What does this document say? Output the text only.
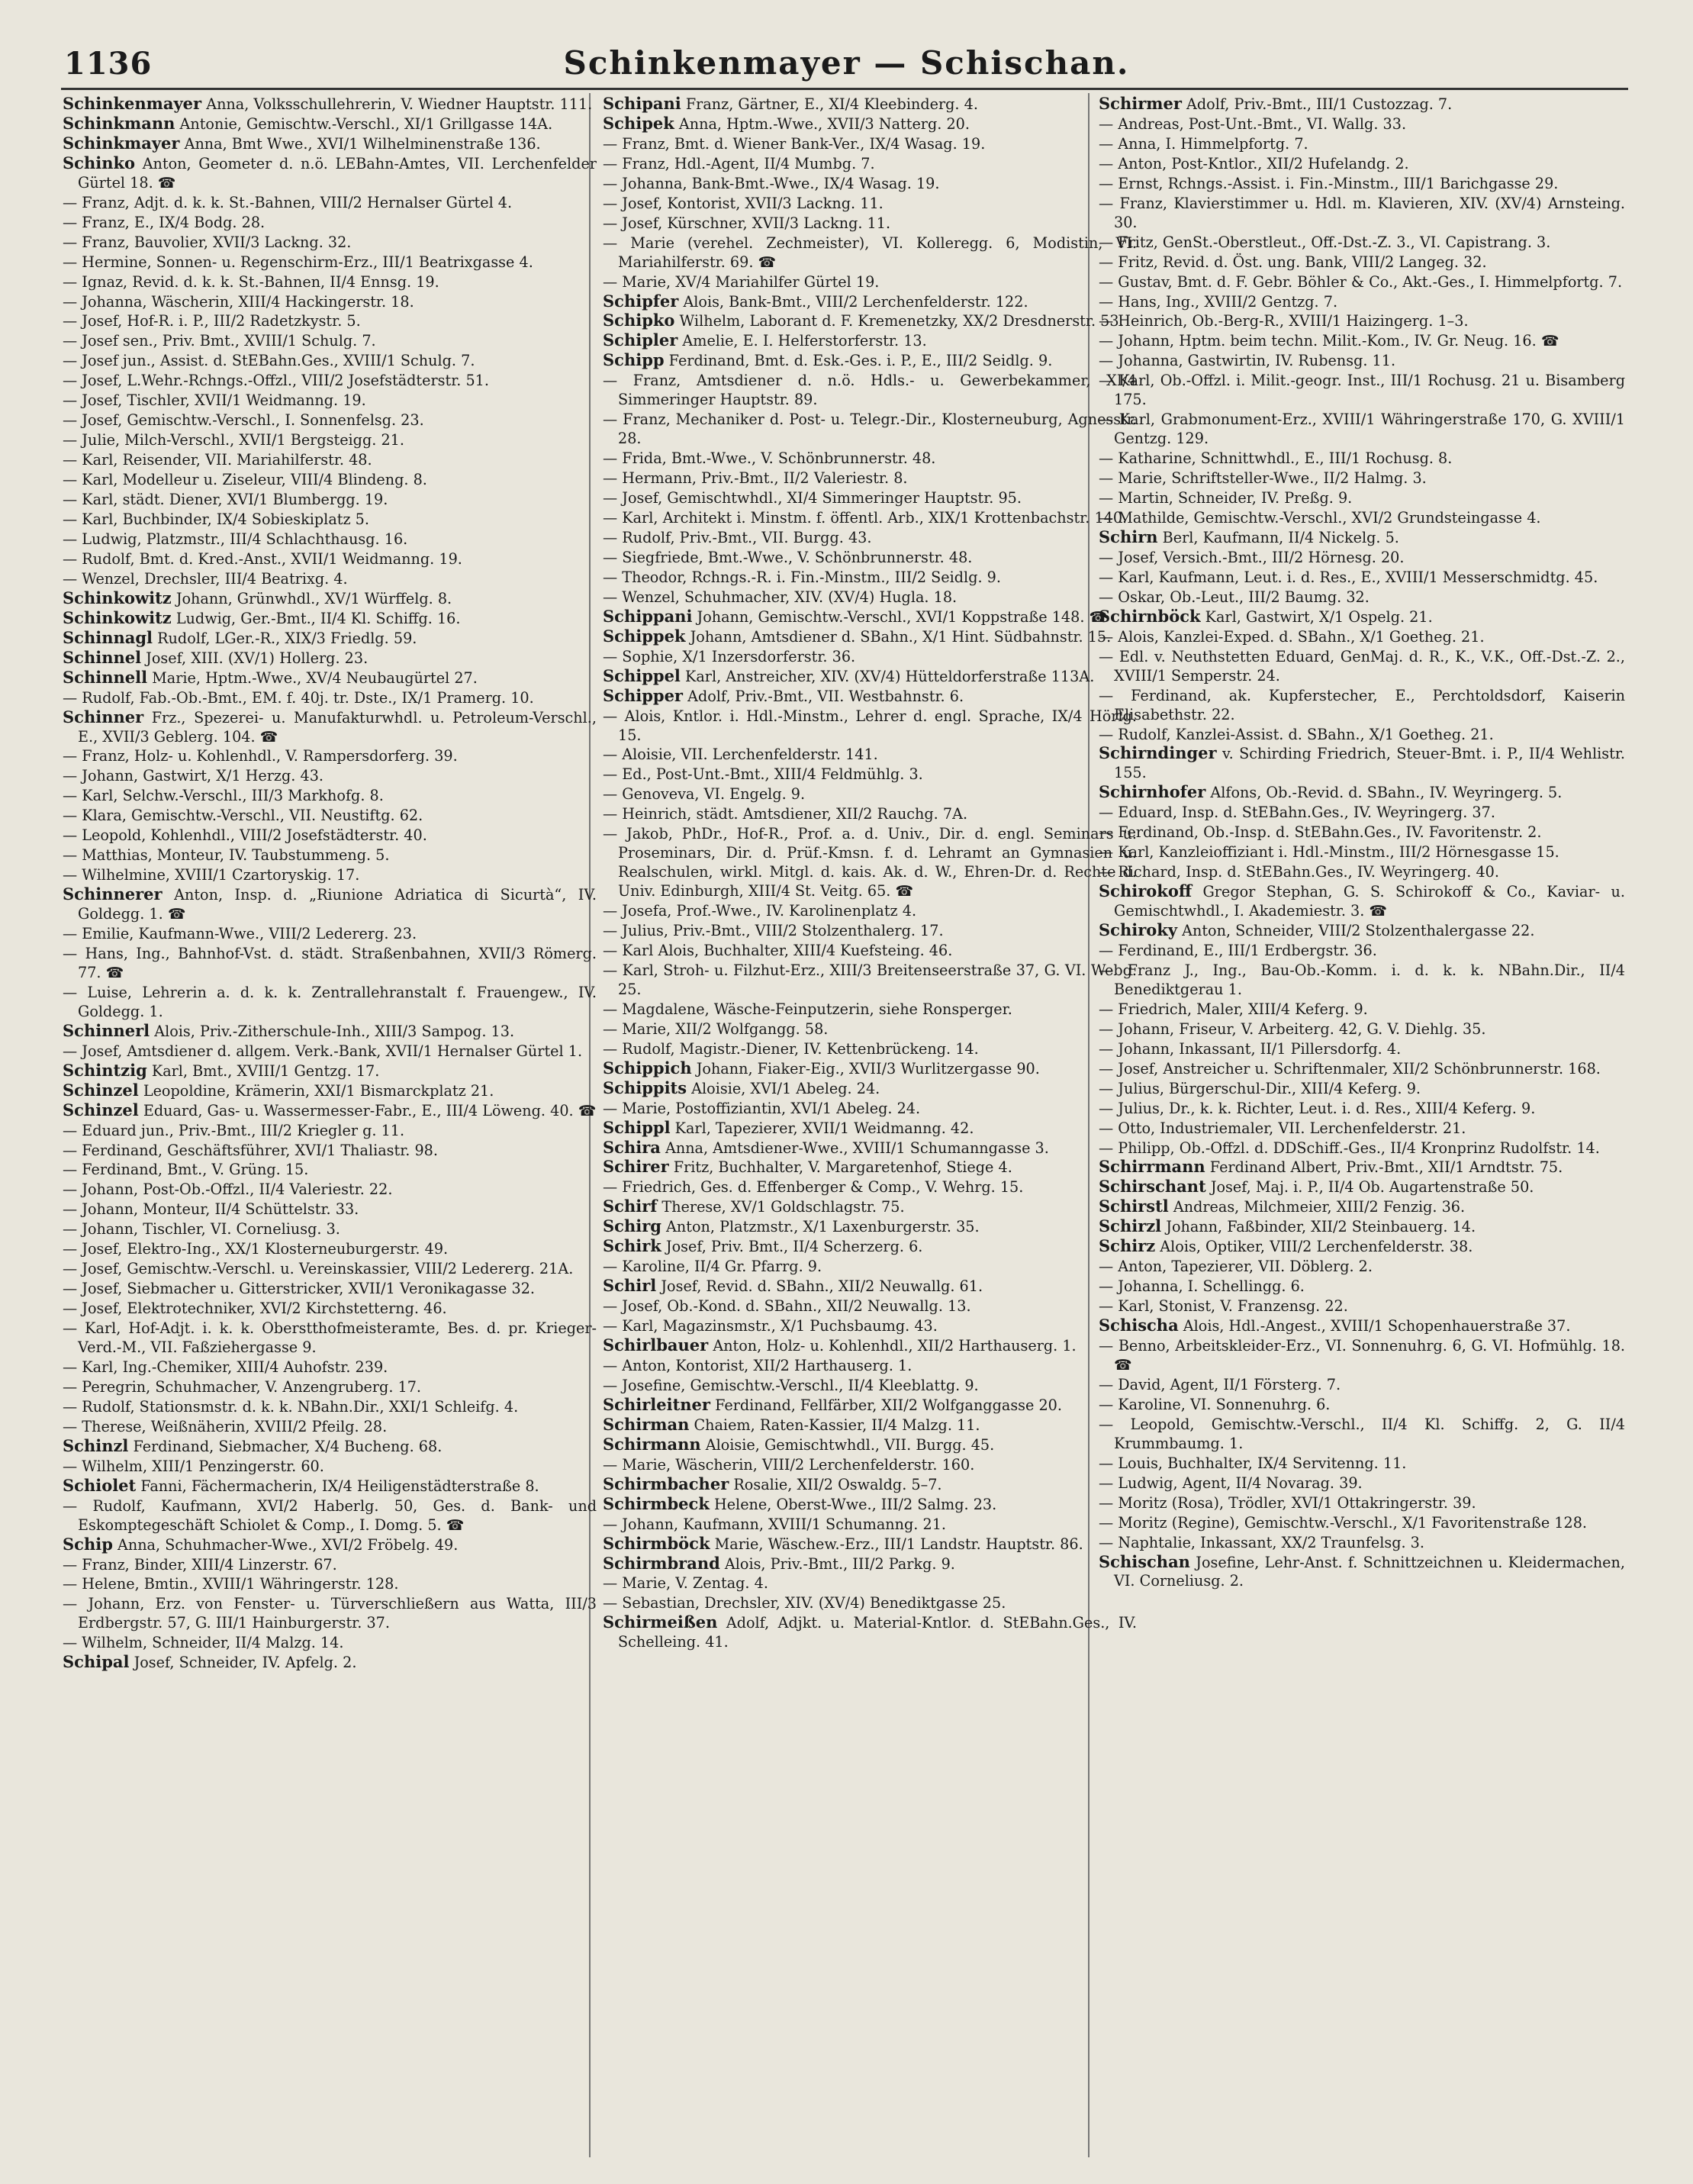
1136	Schinkenmayer — Schischan.

Schinkenmayer Anna, Volksschullehrerin, V. Wiedner Hauptstr. 111.

Schinkmann Antonie, Gemischtw.-Verschl., XI/1 Grillgasse 14A.

Schinkmayer Anna, Bmt Wwe., XVI/1 Wilhelminenstraße 136.

Schinko Anton, Geometer d. n.ö. LEBahn-Amtes, VII. Lerchenfelder Gürtel 18. ☎

— Franz, Adjt. d. k. k. St.-Bahnen, VIII/2 Hernalser Gürtel 4.

— Franz, E., IX/4 Bodg. 28.

— Franz, Bauvolier, XVII/3 Lackng. 32.

— Hermine, Sonnen- u. Regenschirm-Erz., III/1 Beatrixgasse 4.

— Ignaz, Revid. d. k. k. St.-Bahnen, II/4 Ennsg. 19.

— Johanna, Wäscherin, XIII/4 Hackingerstr. 18.

— Josef, Hof-R. i. P., III/2 Radetzkystr. 5.

— Josef sen., Priv. Bmt., XVIII/1 Schulg. 7.

— Josef jun., Assist. d. StEBahn.Ges., XVIII/1 Schulg. 7.

— Josef, L.Wehr.-Rchngs.-Offzl., VIII/2 Josefstädterstr. 51.

— Josef, Tischler, XVII/1 Weidmanng. 19.

— Josef, Gemischtw.-Verschl., I. Sonnenfelsg. 23.

— Julie, Milch-Verschl., XVII/1 Bergsteigg. 21.

— Karl, Reisender, VII. Mariahilferstr. 48.

— Karl, Modelleur u. Ziseleur, VIII/4 Blindeng. 8.

— Karl, städt. Diener, XVI/1 Blumbergg. 19.

— Karl, Buchbinder, IX/4 Sobieskiplatz 5.

— Ludwig, Platzmstr., III/4 Schlachthausg. 16.

— Rudolf, Bmt. d. Kred.-Anst., XVII/1 Weidmanng. 19.

— Wenzel, Drechsler, III/4 Beatrixg. 4.

Schinkowitz Johann, Grünwhdl., XV/1 Würffelg. 8.

Schinkowitz Ludwig, Ger.-Bmt., II/4 Kl. Schiffg. 16.

Schinnagl Rudolf, LGer.-R., XIX/3 Friedlg. 59.

Schinnel Josef, XIII. (XV/1) Hollerg. 23.

Schinnell Marie, Hptm.-Wwe., XV/4 Neubaugürtel 27.

— Rudolf, Fab.-Ob.-Bmt., EM. f. 40j. tr. Dste., IX/1 Pramerg. 10.

Schinner Frz., Spezerei- u. Manufakturwhdl. u. Petroleum-Verschl., E., XVII/3 Geblerg. 104. ☎

— Franz, Holz- u. Kohlenhdl., V. Rampersdorferg. 39.

— Johann, Gastwirt, X/1 Herzg. 43.

— Karl, Selchw.-Verschl., III/3 Markhofg. 8.

— Klara, Gemischtw.-Verschl., VII. Neustiftg. 62.

— Leopold, Kohlenhdl., VIII/2 Josefstädterstr. 40.

— Matthias, Monteur, IV. Taubstummeng. 5.

— Wilhelmine, XVIII/1 Czartoryskig. 17.

Schinnerer Anton, Insp. d. „Riunione Adriatica di Sicurtà“, IV. Goldegg. 1. ☎

— Emilie, Kaufmann-Wwe., VIII/2 Ledererg. 23.

— Hans, Ing., Bahnhof-Vst. d. städt. Straßenbahnen, XVII/3 Römerg. 77. ☎

— Luise, Lehrerin a. d. k. k. Zentrallehranstalt f. Frauengew., IV. Goldegg. 1.

Schinnerl Alois, Priv.-Zitherschule-Inh., XIII/3 Sampog. 13.

— Josef, Amtsdiener d. allgem. Verk.-Bank, XVII/1 Hernalser Gürtel 1.

Schintzig Karl, Bmt., XVIII/1 Gentzg. 17.

Schinzel Leopoldine, Krämerin, XXI/1 Bismarckplatz 21.

Schinzel Eduard, Gas- u. Wassermesser-Fabr., E., III/4 Löweng. 40. ☎

— Eduard jun., Priv.-Bmt., III/2 Kriegler g. 11.

— Ferdinand, Geschäftsführer, XVI/1 Thaliastr. 98.

— Ferdinand, Bmt., V. Grüng. 15.

— Johann, Post-Ob.-Offzl., II/4 Valeriestr. 22.

— Johann, Monteur, II/4 Schüttelstr. 33.

— Johann, Tischler, VI. Corneliusg. 3.

— Josef, Elektro-Ing., XX/1 Klosterneuburgerstr. 49.

— Josef, Gemischtw.-Verschl. u. Vereinskassier, VIII/2 Ledererg. 21A.

— Josef, Siebmacher u. Gitterstricker, XVII/1 Veronikagasse 32.

— Josef, Elektrotechniker, XVI/2 Kirchstetterng. 46.

— Karl, Hof-Adjt. i. k. k. Oberstthofmeisteramte, Bes. d. pr. Krieger-Verd.-M., VII. Faßziehergasse 9.

— Karl, Ing.-Chemiker, XIII/4 Auhofstr. 239.

— Peregrin, Schuhmacher, V. Anzengruberg. 17.

— Rudolf, Stationsmstr. d. k. k. NBahn.Dir., XXI/1 Schleifg. 4.

— Therese, Weißnäherin, XVIII/2 Pfeilg. 28.

Schinzl Ferdinand, Siebmacher, X/4 Bucheng. 68.

— Wilhelm, XIII/1 Penzingerstr. 60.

Schiolet Fanni, Fächermacherin, IX/4 Heiligenstädterstraße 8.

— Rudolf, Kaufmann, XVI/2 Haberlg. 50, Ges. d. Bank- und Eskomptegeschäft Schiolet & Comp., I. Domg. 5. ☎

Schip Anna, Schuhmacher-Wwe., XVI/2 Fröbelg. 49.

— Franz, Binder, XIII/4 Linzerstr. 67.

— Helene, Bmtin., XVIII/1 Währingerstr. 128.

— Johann, Erz. von Fenster- u. Türverschließern aus Watta, III/3 Erdbergstr. 57, G. III/1 Hainburgerstr. 37.

— Wilhelm, Schneider, II/4 Malzg. 14.

Schipal Josef, Schneider, IV. Apfelg. 2.

Schipani Franz, Gärtner, E., XI/4 Kleebinderg. 4.

Schipek Anna, Hptm.-Wwe., XVII/3 Natterg. 20.

— Franz, Bmt. d. Wiener Bank-Ver., IX/4 Wasag. 19.

— Franz, Hdl.-Agent, II/4 Mumbg. 7.

— Johanna, Bank-Bmt.-Wwe., IX/4 Wasag. 19.

— Josef, Kontorist, XVII/3 Lackng. 11.

— Josef, Kürschner, XVII/3 Lackng. 11.

— Marie (verehel. Zechmeister), VI. Kolleregg. 6, Modistin, VI. Mariahilferstr. 69. ☎

— Marie, XV/4 Mariahilfer Gürtel 19.

Schipfer Alois, Bank-Bmt., VIII/2 Lerchenfelderstr. 122.

Schipko Wilhelm, Laborant d. F. Kremenetzky, XX/2 Dresdnerstr. 53.

Schipler Amelie, E. I. Helferstorferstr. 13.

Schipp Ferdinand, Bmt. d. Esk.-Ges. i. P., E., III/2 Seidlg. 9.

— Franz, Amtsdiener d. n.ö. Hdls.- u. Gewerbekammer, XI/4 Simmeringer Hauptstr. 89.

— Franz, Mechaniker d. Post- u. Telegr.-Dir., Klosterneuburg, Agnesstr. 28.

— Frida, Bmt.-Wwe., V. Schönbrunnerstr. 48.

— Hermann, Priv.-Bmt., II/2 Valeriestr. 8.

— Josef, Gemischtwhdl., XI/4 Simmeringer Hauptstr. 95.

— Karl, Architekt i. Minstm. f. öffentl. Arb., XIX/1 Krottenbachstr. 140.

— Rudolf, Priv.-Bmt., VII. Burgg. 43.

— Siegfriede, Bmt.-Wwe., V. Schönbrunnerstr. 48.

— Theodor, Rchngs.-R. i. Fin.-Minstm., III/2 Seidlg. 9.

— Wenzel, Schuhmacher, XIV. (XV/4) Hugla. 18.

Schippani Johann, Gemischtw.-Verschl., XVI/1 Koppstraße 148. ☎

Schippek Johann, Amtsdiener d. SBahn., X/1 Hint. Südbahnstr. 15.

— Sophie, X/1 Inzersdorferstr. 36.

Schippel Karl, Anstreicher, XIV. (XV/4) Hütteldorferstraße 113A.

Schipper Adolf, Priv.-Bmt., VII. Westbahnstr. 6.

— Alois, Kntlor. i. Hdl.-Minstm., Lehrer d. engl. Sprache, IX/4 Hörlg. 15.

— Aloisie, VII. Lerchenfelderstr. 141.

— Ed., Post-Unt.-Bmt., XIII/4 Feldmühlg. 3.

— Genoveva, VI. Engelg. 9.

— Heinrich, städt. Amtsdiener, XII/2 Rauchg. 7A.

— Jakob, PhDr., Hof-R., Prof. a. d. Univ., Dir. d. engl. Seminars u. Proseminars, Dir. d. Prüf.-Kmsn. f. d. Lehramt an Gymnasien u. Realschulen, wirkl. Mitgl. d. kais. Ak. d. W., Ehren-Dr. d. Rechte d. Univ. Edinburgh, XIII/4 St. Veitg. 65. ☎

— Josefa, Prof.-Wwe., IV. Karolinenplatz 4.

— Julius, Priv.-Bmt., VIII/2 Stolzenthalerg. 17.

— Karl Alois, Buchhalter, XIII/4 Kuefsteing. 46.

— Karl, Stroh- u. Filzhut-Erz., XIII/3 Breitenseerstraße 37, G. VI. Webg. 25.

— Magdalene, Wäsche-Feinputzerin, siehe Ronsperger.

— Marie, XII/2 Wolfgangg. 58.

— Rudolf, Magistr.-Diener, IV. Kettenbrückeng. 14.

Schippich Johann, Fiaker-Eig., XVII/3 Wurlitzergasse 90.

Schippits Aloisie, XVI/1 Abeleg. 24.

— Marie, Postoffiziantin, XVI/1 Abeleg. 24.

Schippl Karl, Tapezierer, XVII/1 Weidmanng. 42.

Schira Anna, Amtsdiener-Wwe., XVIII/1 Schumanngasse 3.

Schirer Fritz, Buchhalter, V. Margaretenhof, Stiege 4.

— Friedrich, Ges. d. Effenberger & Comp., V. Wehrg. 15.

Schirf Therese, XV/1 Goldschlagstr. 75.

Schirg Anton, Platzmstr., X/1 Laxenburgerstr. 35.

Schirk Josef, Priv. Bmt., II/4 Scherzerg. 6.

— Karoline, II/4 Gr. Pfarrg. 9.

Schirl Josef, Revid. d. SBahn., XII/2 Neuwallg. 61.

— Josef, Ob.-Kond. d. SBahn., XII/2 Neuwallg. 13.

— Karl, Magazinsmstr., X/1 Puchsbaumg. 43.

Schirlbauer Anton, Holz- u. Kohlenhdl., XII/2 Harthauserg. 1.

— Anton, Kontorist, XII/2 Harthauserg. 1.

— Josefine, Gemischtw.-Verschl., II/4 Kleeblattg. 9.

Schirleitner Ferdinand, Fellfärber, XII/2 Wolfganggasse 20.

Schirman Chaiem, Raten-Kassier, II/4 Malzg. 11.

Schirmann Aloisie, Gemischtwhdl., VII. Burgg. 45.

— Marie, Wäscherin, VIII/2 Lerchenfelderstr. 160.

Schirmbacher Rosalie, XII/2 Oswaldg. 5–7.

Schirmbeck Helene, Oberst-Wwe., III/2 Salmg. 23.

— Johann, Kaufmann, XVIII/1 Schumanng. 21.

Schirmböck Marie, Wäschew.-Erz., III/1 Landstr. Hauptstr. 86.

Schirmbrand Alois, Priv.-Bmt., III/2 Parkg. 9.

— Marie, V. Zentag. 4.

— Sebastian, Drechsler, XIV. (XV/4) Benediktgasse 25.

Schirmeißen Adolf, Adjkt. u. Material-Kntlor. d. StEBahn.Ges., IV. Schelleing. 41.

Schirmer Adolf, Priv.-Bmt., III/1 Custozzag. 7.

— Andreas, Post-Unt.-Bmt., VI. Wallg. 33.

— Anna, I. Himmelpfortg. 7.

— Anton, Post-Kntlor., XII/2 Hufelandg. 2.

— Ernst, Rchngs.-Assist. i. Fin.-Minstm., III/1 Barichgasse 29.

— Franz, Klavierstimmer u. Hdl. m. Klavieren, XIV. (XV/4) Arnsteing. 30.

— Fritz, GenSt.-Oberstleut., Off.-Dst.-Z. 3., VI. Capistrang. 3.

— Fritz, Revid. d. Öst. ung. Bank, VIII/2 Langeg. 32.

— Gustav, Bmt. d. F. Gebr. Böhler & Co., Akt.-Ges., I. Himmelpfortg. 7.

— Hans, Ing., XVIII/2 Gentzg. 7.

— Heinrich, Ob.-Berg-R., XVIII/1 Haizingerg. 1–3.

— Johann, Hptm. beim techn. Milit.-Kom., IV. Gr. Neug. 16. ☎

— Johanna, Gastwirtin, IV. Rubensg. 11.

— Karl, Ob.-Offzl. i. Milit.-geogr. Inst., III/1 Rochusg. 21 u. Bisamberg 175.

— Karl, Grabmonument-Erz., XVIII/1 Währingerstraße 170, G. XVIII/1 Gentzg. 129.

— Katharine, Schnittwhdl., E., III/1 Rochusg. 8.

— Marie, Schriftsteller-Wwe., II/2 Halmg. 3.

— Martin, Schneider, IV. Preßg. 9.

— Mathilde, Gemischtw.-Verschl., XVI/2 Grundsteingasse 4.

Schirn Berl, Kaufmann, II/4 Nickelg. 5.

— Josef, Versich.-Bmt., III/2 Hörnesg. 20.

— Karl, Kaufmann, Leut. i. d. Res., E., XVIII/1 Messerschmidtg. 45.

— Oskar, Ob.-Leut., III/2 Baumg. 32.

Schirnböck Karl, Gastwirt, X/1 Ospelg. 21.

— Alois, Kanzlei-Exped. d. SBahn., X/1 Goetheg. 21.

— Edl. v. Neuthstetten Eduard, GenMaj. d. R., K., V.K., Off.-Dst.-Z. 2., XVIII/1 Semperstr. 24.

— Ferdinand, ak. Kupferstecher, E., Perchtoldsdorf, Kaiserin Elisabethstr. 22.

— Rudolf, Kanzlei-Assist. d. SBahn., X/1 Goetheg. 21.

Schirndinger v. Schirding Friedrich, Steuer-Bmt. i. P., II/4 Wehlistr. 155.

Schirnhofer Alfons, Ob.-Revid. d. SBahn., IV. Weyringerg. 5.

— Eduard, Insp. d. StEBahn.Ges., IV. Weyringerg. 37.

— Ferdinand, Ob.-Insp. d. StEBahn.Ges., IV. Favoritenstr. 2.

— Karl, Kanzleioffiziant i. Hdl.-Minstm., III/2 Hörnesgasse 15.

— Richard, Insp. d. StEBahn.Ges., IV. Weyringerg. 40.

Schirokoff Gregor Stephan, G. S. Schirokoff & Co., Kaviar- u. Gemischtwhdl., I. Akademiestr. 3. ☎

Schiroky Anton, Schneider, VIII/2 Stolzenthalergasse 22.

— Ferdinand, E., III/1 Erdbergstr. 36.

— Franz J., Ing., Bau-Ob.-Komm. i. d. k. k. NBahn.Dir., II/4 Benediktgerau 1.

— Friedrich, Maler, XIII/4 Keferg. 9.

— Johann, Friseur, V. Arbeiterg. 42, G. V. Diehlg. 35.

— Johann, Inkassant, II/1 Pillersdorfg. 4.

— Josef, Anstreicher u. Schriftenmaler, XII/2 Schönbrunnerstr. 168.

— Julius, Bürgerschul-Dir., XIII/4 Keferg. 9.

— Julius, Dr., k. k. Richter, Leut. i. d. Res., XIII/4 Keferg. 9.

— Otto, Industriemaler, VII. Lerchenfelderstr. 21.

— Philipp, Ob.-Offzl. d. DDSchiff.-Ges., II/4 Kronprinz Rudolfstr. 14.

Schirrmann Ferdinand Albert, Priv.-Bmt., XII/1 Arndtstr. 75.

Schirschant Josef, Maj. i. P., II/4 Ob. Augartenstraße 50.

Schirstl Andreas, Milchmeier, XIII/2 Fenzig. 36.

Schirzl Johann, Faßbinder, XII/2 Steinbauerg. 14.

Schirz Alois, Optiker, VIII/2 Lerchenfelderstr. 38.

— Anton, Tapezierer, VII. Döblerg. 2.

— Johanna, I. Schellingg. 6.

— Karl, Stonist, V. Franzensg. 22.

Schischa Alois, Hdl.-Angest., XVIII/1 Schopenhauerstraße 37.

— Benno, Arbeitskleider-Erz., VI. Sonnenuhrg. 6, G. VI. Hofmühlg. 18. ☎

— David, Agent, II/1 Försterg. 7.

— Karoline, VI. Sonnenuhrg. 6.

— Leopold, Gemischtw.-Verschl., II/4 Kl. Schiffg. 2, G. II/4 Krummbaumg. 1.

— Louis, Buchhalter, IX/4 Servitenng. 11.

— Ludwig, Agent, II/4 Novarag. 39.

— Moritz (Rosa), Trödler, XVI/1 Ottakringerstr. 39.

— Moritz (Regine), Gemischtw.-Verschl., X/1 Favoritenstraße 128.

— Naphtalie, Inkassant, XX/2 Traunfelsg. 3.

Schischan Josefine, Lehr-Anst. f. Schnittzeichnen u. Kleidermachen, VI. Corneliusg. 2.
